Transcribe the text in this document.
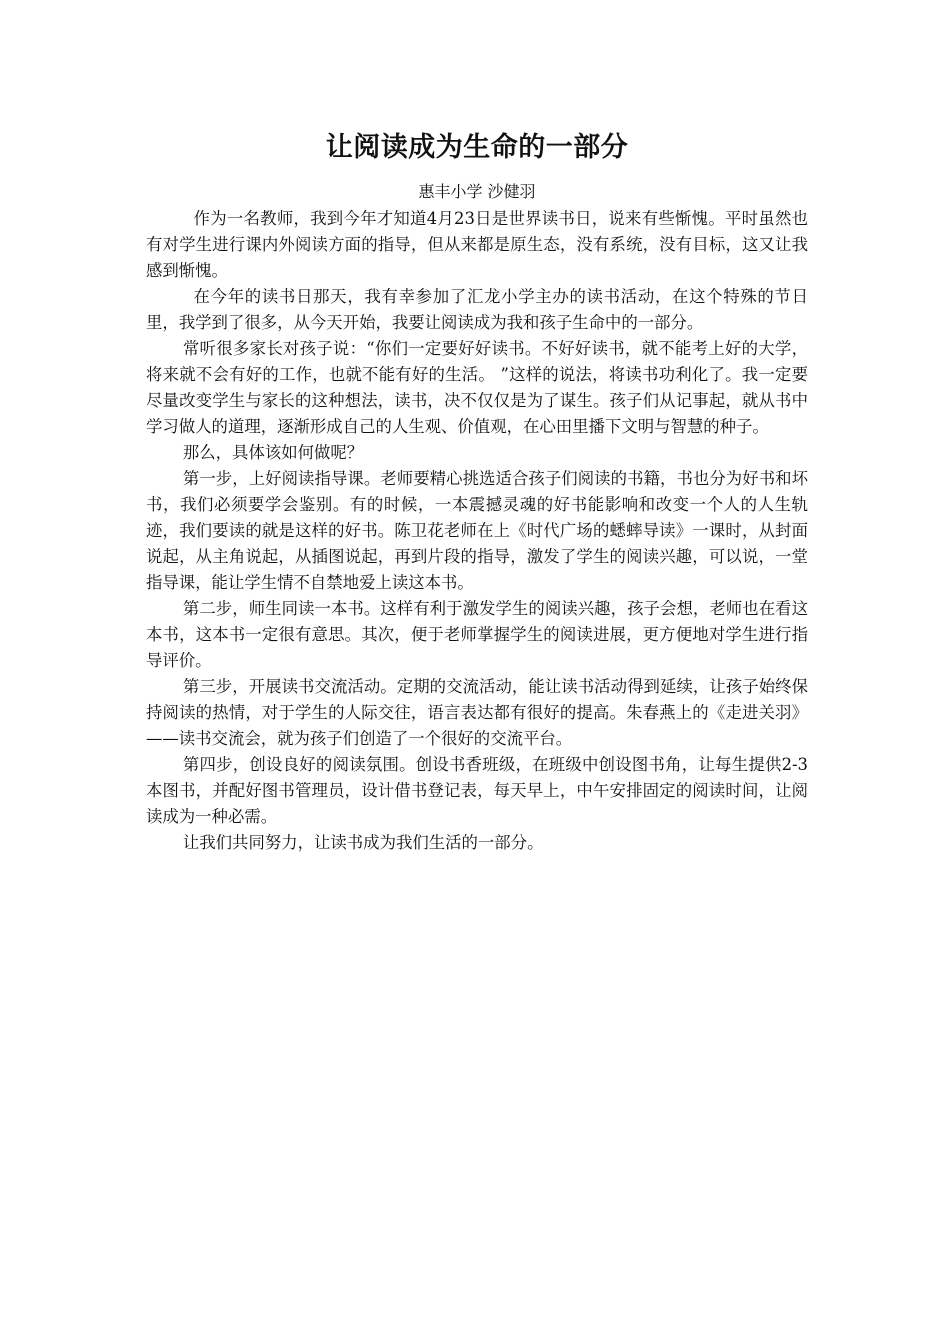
让阅读成为生命的一部分

惠丰小学 沙健羽

作为一名教师，我到今年才知道4月23日是世界读书日，说来有些惭愧。平时虽然也有对学生进行课内外阅读方面的指导，但从来都是原生态，没有系统，没有目标，这又让我感到惭愧。

在今年的读书日那天，我有幸参加了汇龙小学主办的读书活动，在这个特殊的节日里，我学到了很多，从今天开始，我要让阅读成为我和孩子生命中的一部分。

常听很多家长对孩子说：“你们一定要好好读书。不好好读书，就不能考上好的大学，将来就不会有好的工作，也就不能有好的生活。 ”这样的说法，将读书功利化了。我一定要尽量改变学生与家长的这种想法，读书，决不仅仅是为了谋生。孩子们从记事起，就从书中学习做人的道理，逐渐形成自己的人生观、价值观，在心田里播下文明与智慧的种子。

那么，具体该如何做呢？

第一步，上好阅读指导课。老师要精心挑选适合孩子们阅读的书籍，书也分为好书和坏书，我们必须要学会鉴别。有的时候，一本震撼灵魂的好书能影响和改变一个人的人生轨迹，我们要读的就是这样的好书。陈卫花老师在上《时代广场的蟋蟀导读》一课时，从封面说起，从主角说起，从插图说起，再到片段的指导，激发了学生的阅读兴趣，可以说，一堂指导课，能让学生情不自禁地爱上读这本书。

第二步，师生同读一本书。这样有利于激发学生的阅读兴趣，孩子会想，老师也在看这本书，这本书一定很有意思。其次，便于老师掌握学生的阅读进展，更方便地对学生进行指导评价。

第三步，开展读书交流活动。定期的交流活动，能让读书活动得到延续，让孩子始终保持阅读的热情，对于学生的人际交往，语言表达都有很好的提高。朱春燕上的《走进关羽》——读书交流会，就为孩子们创造了一个很好的交流平台。

第四步，创设良好的阅读氛围。创设书香班级，在班级中创设图书角，让每生提供2-3本图书，并配好图书管理员，设计借书登记表，每天早上，中午安排固定的阅读时间，让阅读成为一种必需。

让我们共同努力，让读书成为我们生活的一部分。
